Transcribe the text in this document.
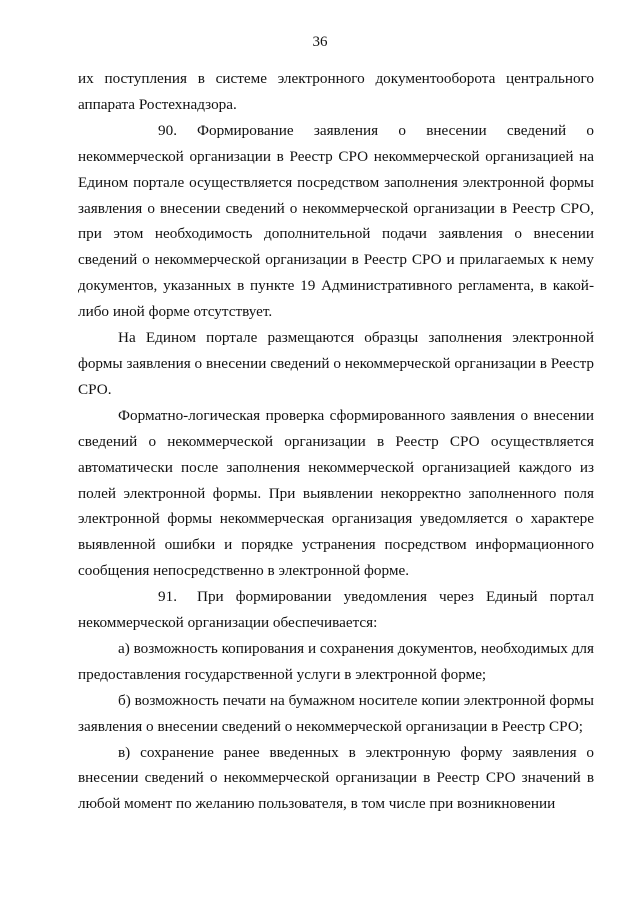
36

их поступления в системе электронного документооборота центрального аппарата Ростехнадзора.

90. Формирование заявления о внесении сведений о некоммерческой организации в Реестр СРО некоммерческой организацией на Едином портале осуществляется посредством заполнения электронной формы заявления о внесении сведений о некоммерческой организации в Реестр СРО, при этом необходимость дополнительной подачи заявления о внесении сведений о некоммерческой организации в Реестр СРО и прилагаемых к нему документов, указанных в пункте 19 Административного регламента, в какой-либо иной форме отсутствует.

На Едином портале размещаются образцы заполнения электронной формы заявления о внесении сведений о некоммерческой организации в Реестр СРО.

Форматно-логическая проверка сформированного заявления о внесении сведений о некоммерческой организации в Реестр СРО осуществляется автоматически после заполнения некоммерческой организацией каждого из полей электронной формы. При выявлении некорректно заполненного поля электронной формы некоммерческая организация уведомляется о характере выявленной ошибки и порядке устранения посредством информационного сообщения непосредственно в электронной форме.

91. При формировании уведомления через Единый портал некоммерческой организации обеспечивается:

а) возможность копирования и сохранения документов, необходимых для предоставления государственной услуги в электронной форме;

б) возможность печати на бумажном носителе копии электронной формы заявления о внесении сведений о некоммерческой организации в Реестр СРО;

в) сохранение ранее введенных в электронную форму заявления о внесении сведений о некоммерческой организации в Реестр СРО значений в любой момент по желанию пользователя, в том числе при возникновении
